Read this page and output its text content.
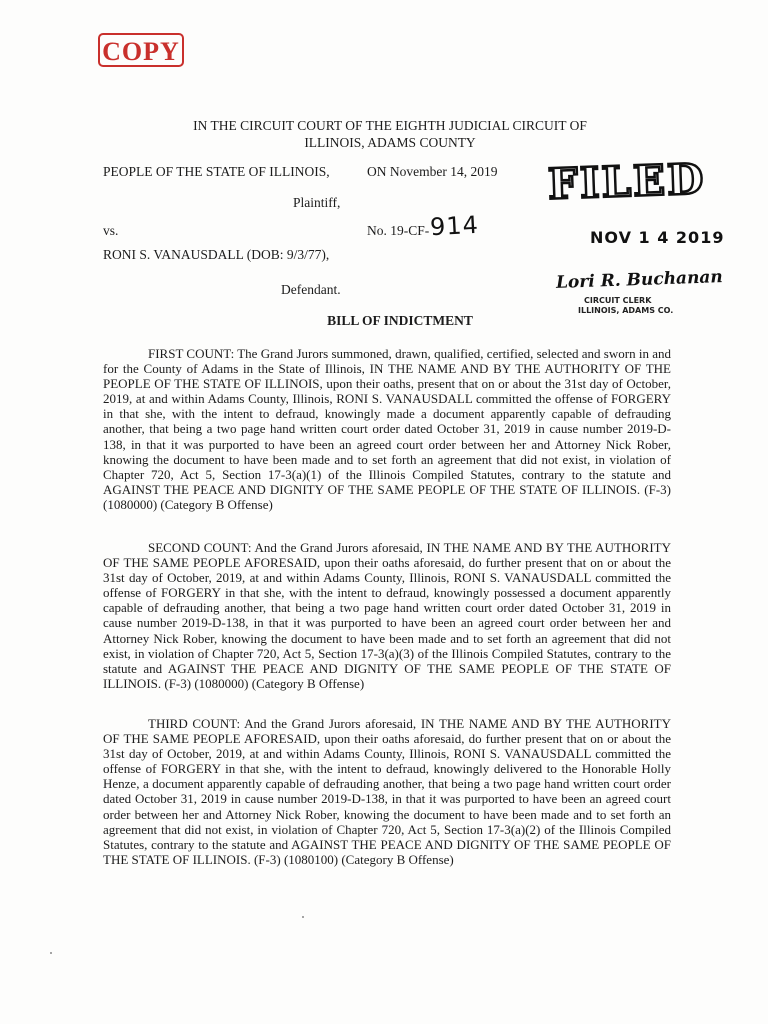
COPY
IN THE CIRCUIT COURT OF THE EIGHTH JUDICIAL CIRCUIT OF
ILLINOIS, ADAMS COUNTY
PEOPLE OF THE STATE OF ILLINOIS,	ON November 14, 2019
Plaintiff,
vs.	No. 19-CF- 914
RONI S. VANAUSDALL (DOB: 9/3/77),
Defendant.
FILED
NOV 1 4 2019
Lori R. Buchanan
CIRCUIT CLERK
ILLINOIS, ADAMS CO.
BILL OF INDICTMENT

FIRST COUNT: The Grand Jurors summoned, drawn, qualified, certified, selected and sworn in and for the County of Adams in the State of Illinois, IN THE NAME AND BY THE AUTHORITY OF THE PEOPLE OF THE STATE OF ILLINOIS, upon their oaths, present that on or about the 31st day of October, 2019, at and within Adams County, Illinois, RONI S. VANAUSDALL committed the offense of FORGERY in that she, with the intent to defraud, knowingly made a document apparently capable of defrauding another, that being a two page hand written court order dated October 31, 2019 in cause number 2019-D-138, in that it was purported to have been an agreed court order between her and Attorney Nick Rober, knowing the document to have been made and to set forth an agreement that did not exist, in violation of Chapter 720, Act 5, Section 17-3(a)(1) of the Illinois Compiled Statutes, contrary to the statute and AGAINST THE PEACE AND DIGNITY OF THE SAME PEOPLE OF THE STATE OF ILLINOIS. (F-3) (1080000) (Category B Offense)

SECOND COUNT: And the Grand Jurors aforesaid, IN THE NAME AND BY THE AUTHORITY OF THE SAME PEOPLE AFORESAID, upon their oaths aforesaid, do further present that on or about the 31st day of October, 2019, at and within Adams County, Illinois, RONI S. VANAUSDALL committed the offense of FORGERY in that she, with the intent to defraud, knowingly possessed a document apparently capable of defrauding another, that being a two page hand written court order dated October 31, 2019 in cause number 2019-D-138, in that it was purported to have been an agreed court order between her and Attorney Nick Rober, knowing the document to have been made and to set forth an agreement that did not exist, in violation of Chapter 720, Act 5, Section 17-3(a)(3) of the Illinois Compiled Statutes, contrary to the statute and AGAINST THE PEACE AND DIGNITY OF THE SAME PEOPLE OF THE STATE OF ILLINOIS. (F-3) (1080000) (Category B Offense)

THIRD COUNT: And the Grand Jurors aforesaid, IN THE NAME AND BY THE AUTHORITY OF THE SAME PEOPLE AFORESAID, upon their oaths aforesaid, do further present that on or about the 31st day of October, 2019, at and within Adams County, Illinois, RONI S. VANAUSDALL committed the offense of FORGERY in that she, with the intent to defraud, knowingly delivered to the Honorable Holly Henze, a document apparently capable of defrauding another, that being a two page hand written court order dated October 31, 2019 in cause number 2019-D-138, in that it was purported to have been an agreed court order between her and Attorney Nick Rober, knowing the document to have been made and to set forth an agreement that did not exist, in violation of Chapter 720, Act 5, Section 17-3(a)(2) of the Illinois Compiled Statutes, contrary to the statute and AGAINST THE PEACE AND DIGNITY OF THE SAME PEOPLE OF THE STATE OF ILLINOIS. (F-3) (1080100) (Category B Offense)
